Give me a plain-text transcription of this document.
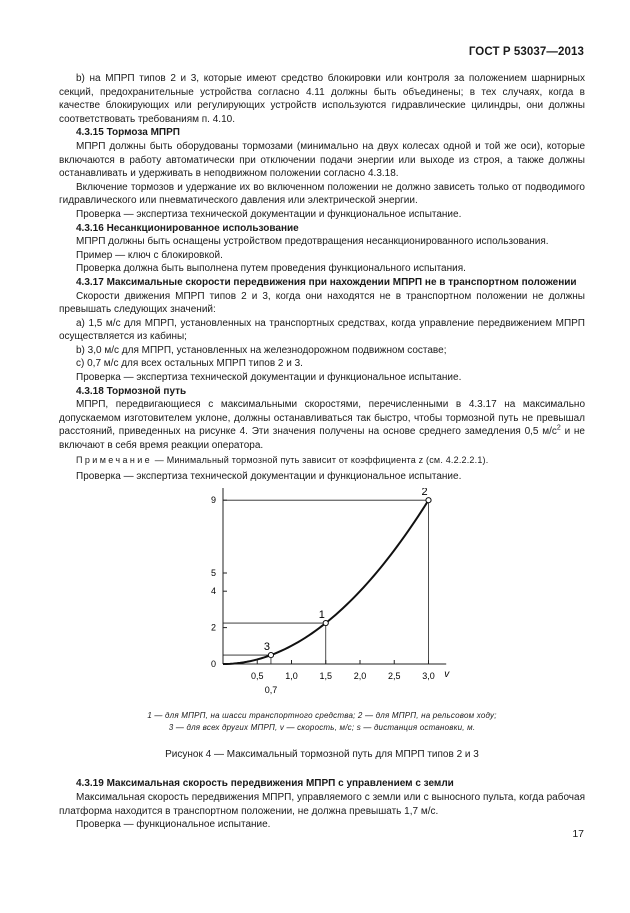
ГОСТ Р 53037—2013

b) на МПРП типов 2 и 3, которые имеют средство блокировки или контроля за положением шарнирных секций, предохранительные устройства согласно 4.11 должны быть объединены; в тех случаях, когда в качестве блокирующих или регулирующих устройств используются гидравлические цилиндры, они должны соответствовать требованиям п. 4.10.

4.3.15 Тормоза МПРП

МПРП должны быть оборудованы тормозами (минимально на двух колесах одной и той же оси), которые включаются в работу автоматически при отключении подачи энергии или выходе из строя, а также должны останавливать и удерживать в неподвижном положении согласно 4.3.18.

Включение тормозов и удержание их во включенном положении не должно зависеть только от подводимого гидравлического или пневматического давления или электрической энергии.

Проверка — экспертиза технической документации и функциональное испытание.

4.3.16 Несанкционированное использование

МПРП должны быть оснащены устройством предотвращения несанкционированного использования.

Пример — ключ с блокировкой.

Проверка должна быть выполнена путем проведения функционального испытания.

4.3.17 Максимальные скорости передвижения при нахождении МПРП не в транспортном положении

Скорости движения МПРП типов 2 и 3, когда они находятся не в транспортном положении не должны превышать следующих значений:

а) 1,5 м/с для МПРП, установленных на транспортных средствах, когда управление передвижением МПРП осуществляется из кабины;

b) 3,0 м/с для МПРП, установленных на железнодорожном подвижном составе;

с) 0,7 м/с для всех остальных МПРП типов 2 и 3.

Проверка — экспертиза технической документации и функциональное испытание.

4.3.18 Тормозной путь

МПРП, передвигающиеся с максимальными скоростями, перечисленными в 4.3.17 на максимально допускаемом изготовителем уклоне, должны останавливаться так быстро, чтобы тормозной путь не превышал расстояний, приведенных на рисунке 4. Эти значения получены на основе среднего замедления 0,5 $м/с^2$ и не включают в себя время реакции оператора.

Примечание — Минимальный тормозной путь зависит от коэффициента z (см. 4.2.2.2.1).

Проверка — экспертиза технической документации и функциональное испытание.

v
0,5 1,0 1,5 2,0 2,5 3,0
0,7
0
2
4
5
9
3
1
2

1 — для МПРП, на шасси транспортного средства; 2 — для МПРП, на рельсовом ходу;
3 — для всех других МПРП, v — скорость, м/с; s — дистанция остановки, м.

Рисунок 4 — Максимальный тормозной путь для МПРП типов 2 и 3

4.3.19 Максимальная скорость передвижения МПРП с управлением с земли

Максимальная скорость передвижения МПРП, управляемого с земли или с выносного пульта, когда рабочая платформа находится в транспортном положении, не должна превышать 1,7 м/с.

Проверка — функциональное испытание.

17
